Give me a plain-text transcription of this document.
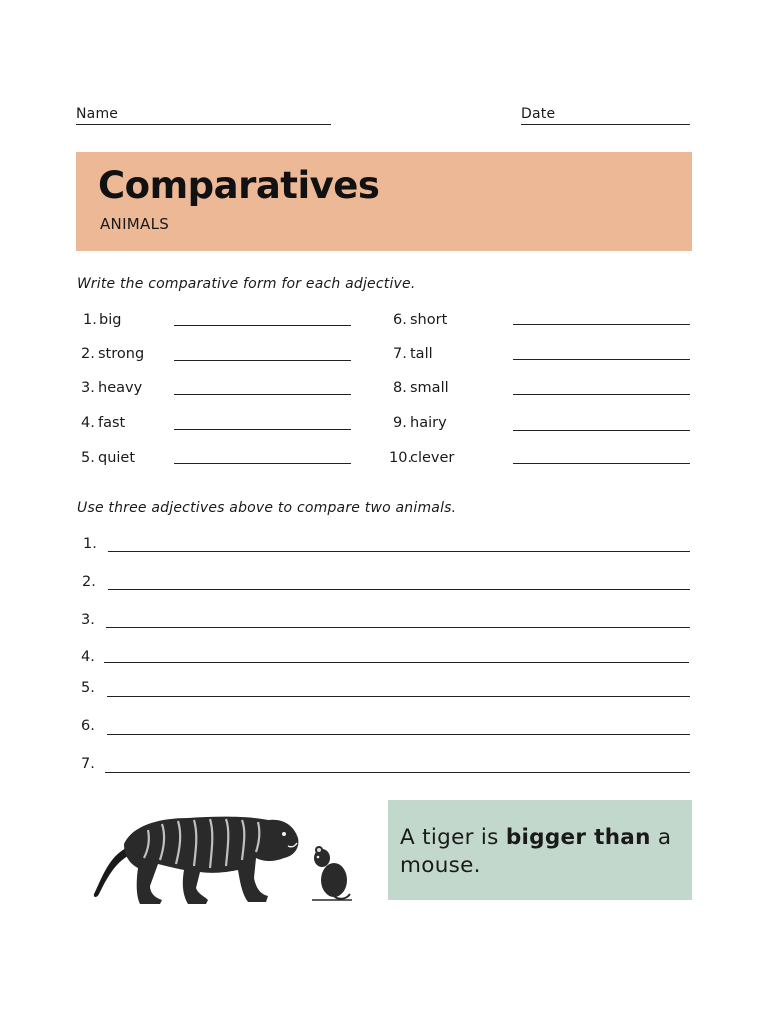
Name	Date
Comparatives
ANIMALS
Write the comparative form for each adjective.
1. big
2. strong
3. heavy
4. fast
5. quiet
6. short
7. tall
8. small
9. hairy
10.
clever
Use three adjectives above to compare two animals.
1.
2.
3.
4.
5.
6.
7.
A tiger is bigger than a mouse.
